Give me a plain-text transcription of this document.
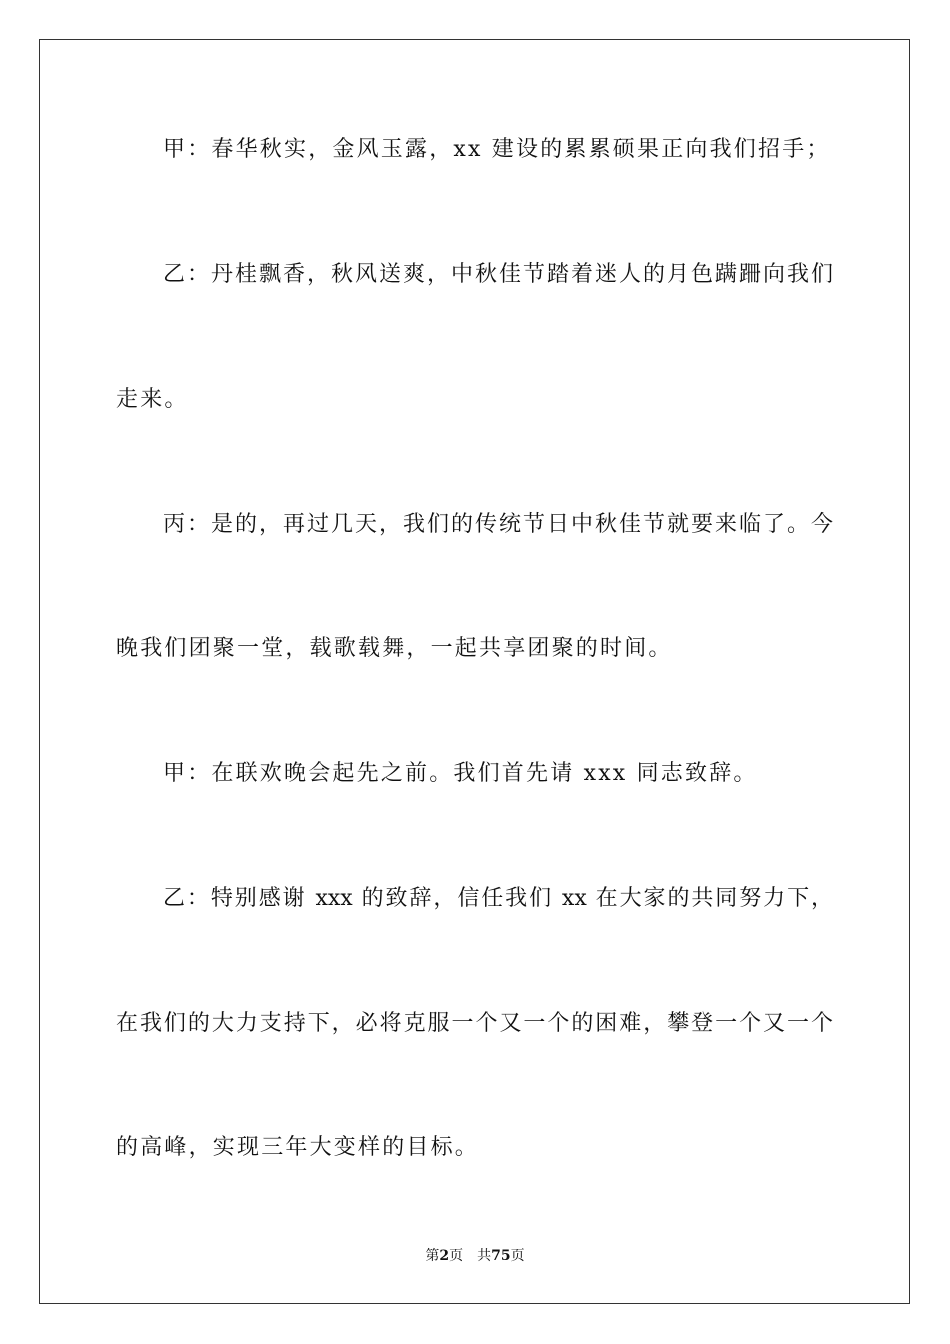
甲：春华秋实，金风玉露，xx 建设的累累硕果正向我们招手；
乙：丹桂飘香，秋风送爽，中秋佳节踏着迷人的月色蹒跚向我们
走来。
丙：是的，再过几天，我们的传统节日中秋佳节就要来临了。今
晚我们团聚一堂，载歌载舞，一起共享团聚的时间。
甲：在联欢晚会起先之前。我们首先请 xxx 同志致辞。
乙：特别感谢 xxx 的致辞，信任我们 xx 在大家的共同努力下，
在我们的大力支持下，必将克服一个又一个的困难，攀登一个又一个
的高峰，实现三年大变样的目标。
第2页 共75页
